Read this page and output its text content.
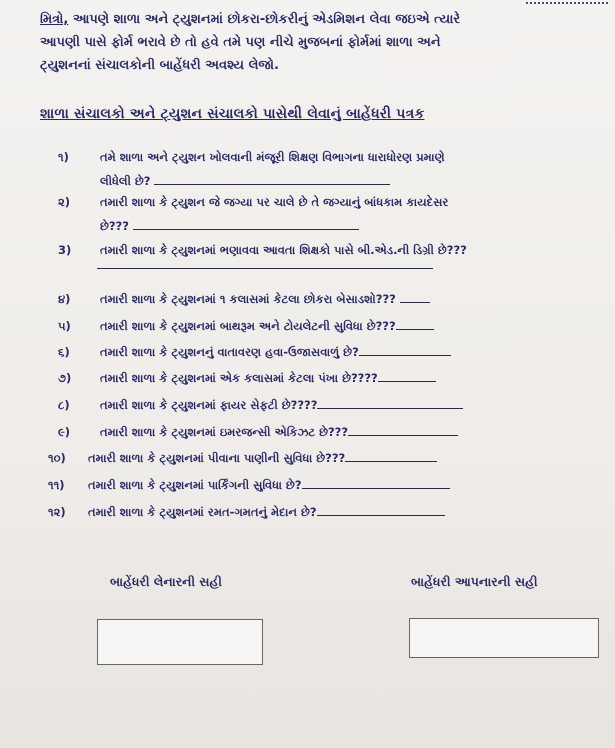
મિત્રો, આપણે શાળા અને ટ્યુશનમાં છોકરા-છોકરીનું એડમિશન લેવા જઇએ ત્યારે
આપણી પાસે ફોર્મ ભરાવે છે તો હવે તમે પણ નીચે મુજબનાં ફોર્મમાં શાળા અને
ટ્યુશનનાં સંચાલકોની બાહેંધરી અવશ્ય લેજો.
શાળા સંચાલકો અને ટ્યુશન સંચાલકો પાસેથી લેવાનું બાહેંધરી પત્રક
૧)	તમે શાળા અને ટ્યુશન ખોલવાની મંજૂરી શિક્ષણ વિભાગના ધારાધોરણ પ્રમાણે
લીધેલી છે?
૨)	તમારી શાળા કે ટ્યુશન જે જગ્યા પર ચાલે છે તે જગ્યાનું બાંધકામ કાયદેસર
છે???
3) તમારી શાળા કે ટ્યુશનમાં ભણાવવા આવતા શિક્ષકો પાસે બી.એડ.ની ડિગ્રી છે???
૪)	તમારી શાળા કે ટ્યુશનમાં ૧ કલાસમાં કેટલા છોકરા બેસાડશો???
૫)	તમારી શાળા કે ટ્યુશનમાં બાથરૂમ અને ટોયલેટની સુવિધા છે???
૬)	તમારી શાળા કે ટ્યુશનનું વાતાવરણ હવા-ઉજાસવાળું છે?
૭)	તમારી શાળા કે ટ્યુશનમાં એક કલાસમાં કેટલા પંખા છે????
૮)	તમારી શાળા કે ટ્યુશનમાં ફાયર સેફટી છે????
૯)	તમારી શાળા કે ટ્યુશનમાં ઇમરજન્સી એકિઝટ છે???
૧૦) તમારી શાળા કે ટ્યુશનમાં પીવાના પાણીની સુવિધા છે???
૧૧) તમારી શાળા કે ટ્યુશનમાં પાર્કિંગની સુવિધા છે?
૧૨) તમારી શાળા કે ટ્યુશનમાં રમત-ગમતનું મેદાન છે?
બાહેંધરી લેનારની સહી	બાહેંધરી આપનારની સહી
